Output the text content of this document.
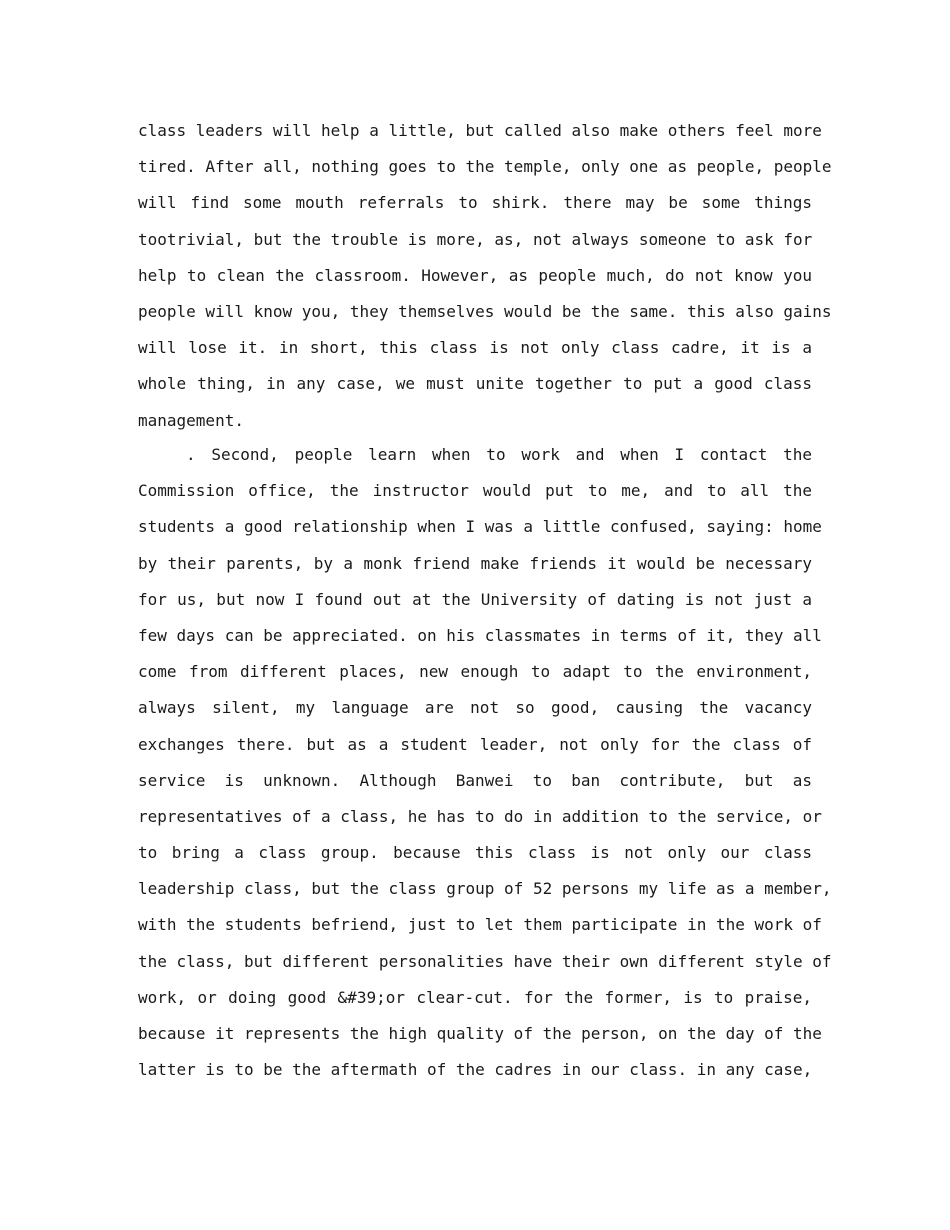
class leaders will help a little, but called also make others feel more
tired. After all, nothing goes to the temple, only one as people, people
will find some mouth referrals to shirk. there may be some things
tootrivial, but the trouble is more, as, not always someone to ask for
help to clean the classroom. However, as people much, do not know you
people will know you, they themselves would be the same. this also gains
will lose it. in short, this class is not only class cadre, it is a
whole thing, in any case, we must unite together to put a good class
management.
. Second, people learn when to work and when I contact the
Commission office, the instructor would put to me, and to all the
students a good relationship when I was a little confused, saying: home
by their parents, by a monk friend make friends it would be necessary
for us, but now I found out at the University of dating is not just a
few days can be appreciated. on his classmates in terms of it, they all
come from different places, new enough to adapt to the environment,
always silent, my language are not so good, causing the vacancy
exchanges there. but as a student leader, not only for the class of
service is unknown. Although Banwei to ban contribute, but as
representatives of a class, he has to do in addition to the service, or
to bring a class group. because this class is not only our class
leadership class, but the class group of 52 persons my life as a member,
with the students befriend, just to let them participate in the work of
the class, but different personalities have their own different style of
work, or doing good &#39;or clear-cut. for the former, is to praise,
because it represents the high quality of the person, on the day of the
latter is to be the aftermath of the cadres in our class. in any case,
